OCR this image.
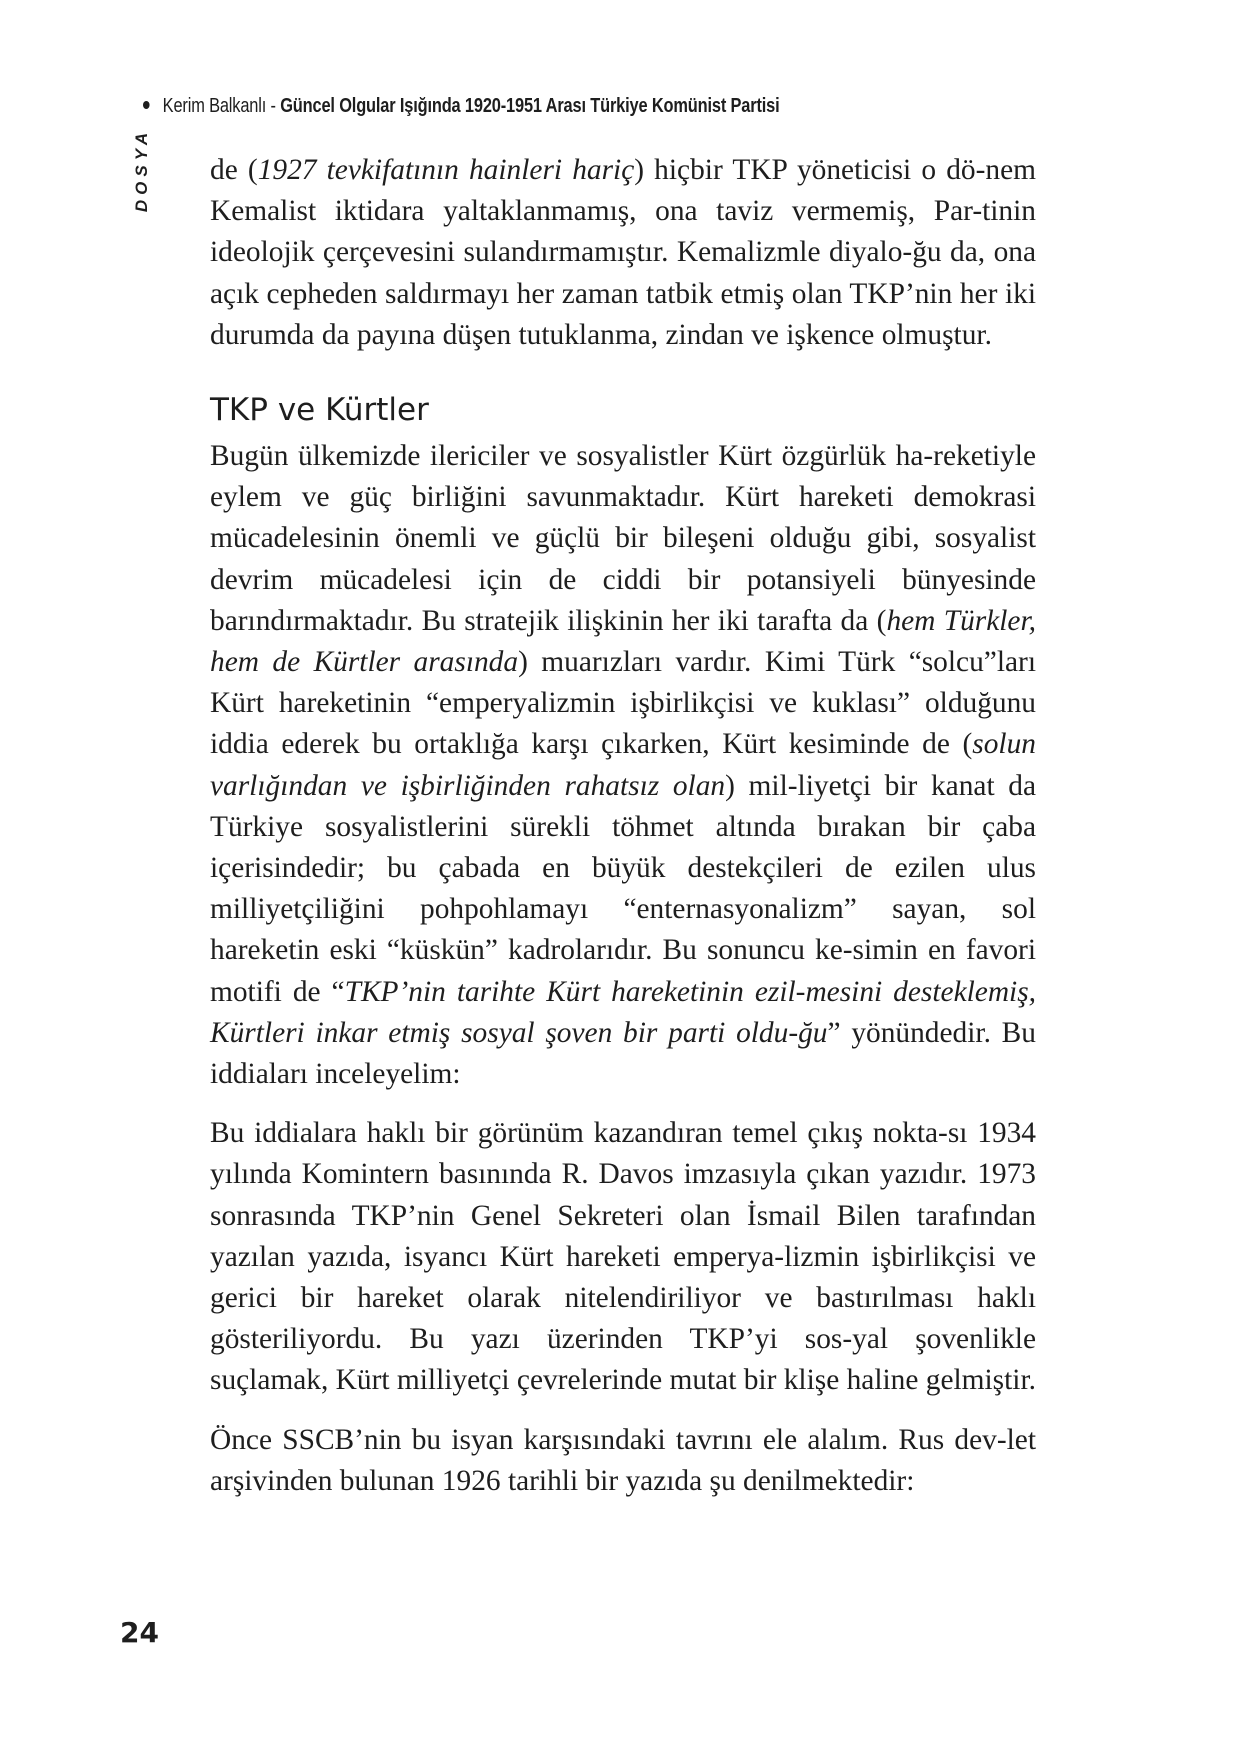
Kerim Balkanlı - Güncel Olgular Işığında 1920-1951 Arası Türkiye Komünist Partisi
DOSYA de (1927 tevkifatının hainleri hariç) hiçbir TKP yöneticisi o dö-nem Kemalist iktidara yaltaklanmamış, ona taviz vermemiş, Par-tinin ideolojik çerçevesini sulandırmamıştır. Kemalizmle diyalo-ğu da, ona açık cepheden saldırmayı her zaman tatbik etmiş olan TKP’nin her iki durumda da payına düşen tutuklanma, zindan ve işkence olmuştur.

TKP ve Kürtler

Bugün ülkemizde ilericiler ve sosyalistler Kürt özgürlük ha-reketiyle eylem ve güç birliğini savunmaktadır. Kürt hareketi demokrasi mücadelesinin önemli ve güçlü bir bileşeni olduğu gibi, sosyalist devrim mücadelesi için de ciddi bir potansiyeli bünyesinde barındırmaktadır. Bu stratejik ilişkinin her iki tarafta da (hem Türkler, hem de Kürtler arasında) muarızları vardır. Kimi Türk “solcu”ları Kürt hareketinin “emperyalizmin işbirlikçisi ve kuklası” olduğunu iddia ederek bu ortaklığa karşı çıkarken, Kürt kesiminde de (solun varlığından ve işbirliğinden rahatsız olan) mil-liyetçi bir kanat da Türkiye sosyalistlerini sürekli töhmet altında bırakan bir çaba içerisindedir; bu çabada en büyük destekçileri de ezilen ulus milliyetçiliğini pohpohlamayı “enternasyonalizm” sayan, sol hareketin eski “küskün” kadrolarıdır. Bu sonuncu ke-simin en favori motifi de “TKP’nin tarihte Kürt hareketinin ezil-mesini desteklemiş, Kürtleri inkar etmiş sosyal şoven bir parti oldu-ğu” yönündedir. Bu iddiaları inceleyelim:

Bu iddialara haklı bir görünüm kazandıran temel çıkış nokta-sı 1934 yılında Komintern basınında R. Davos imzasıyla çıkan yazıdır. 1973 sonrasında TKP’nin Genel Sekreteri olan İsmail Bilen tarafından yazılan yazıda, isyancı Kürt hareketi emperya-lizmin işbirlikçisi ve gerici bir hareket olarak nitelendiriliyor ve bastırılması haklı gösteriliyordu. Bu yazı üzerinden TKP’yi sos-yal şovenlikle suçlamak, Kürt milliyetçi çevrelerinde mutat bir klişe haline gelmiştir.

Önce SSCB’nin bu isyan karşısındaki tavrını ele alalım. Rus dev-let arşivinden bulunan 1926 tarihli bir yazıda şu denilmektedir:

24
